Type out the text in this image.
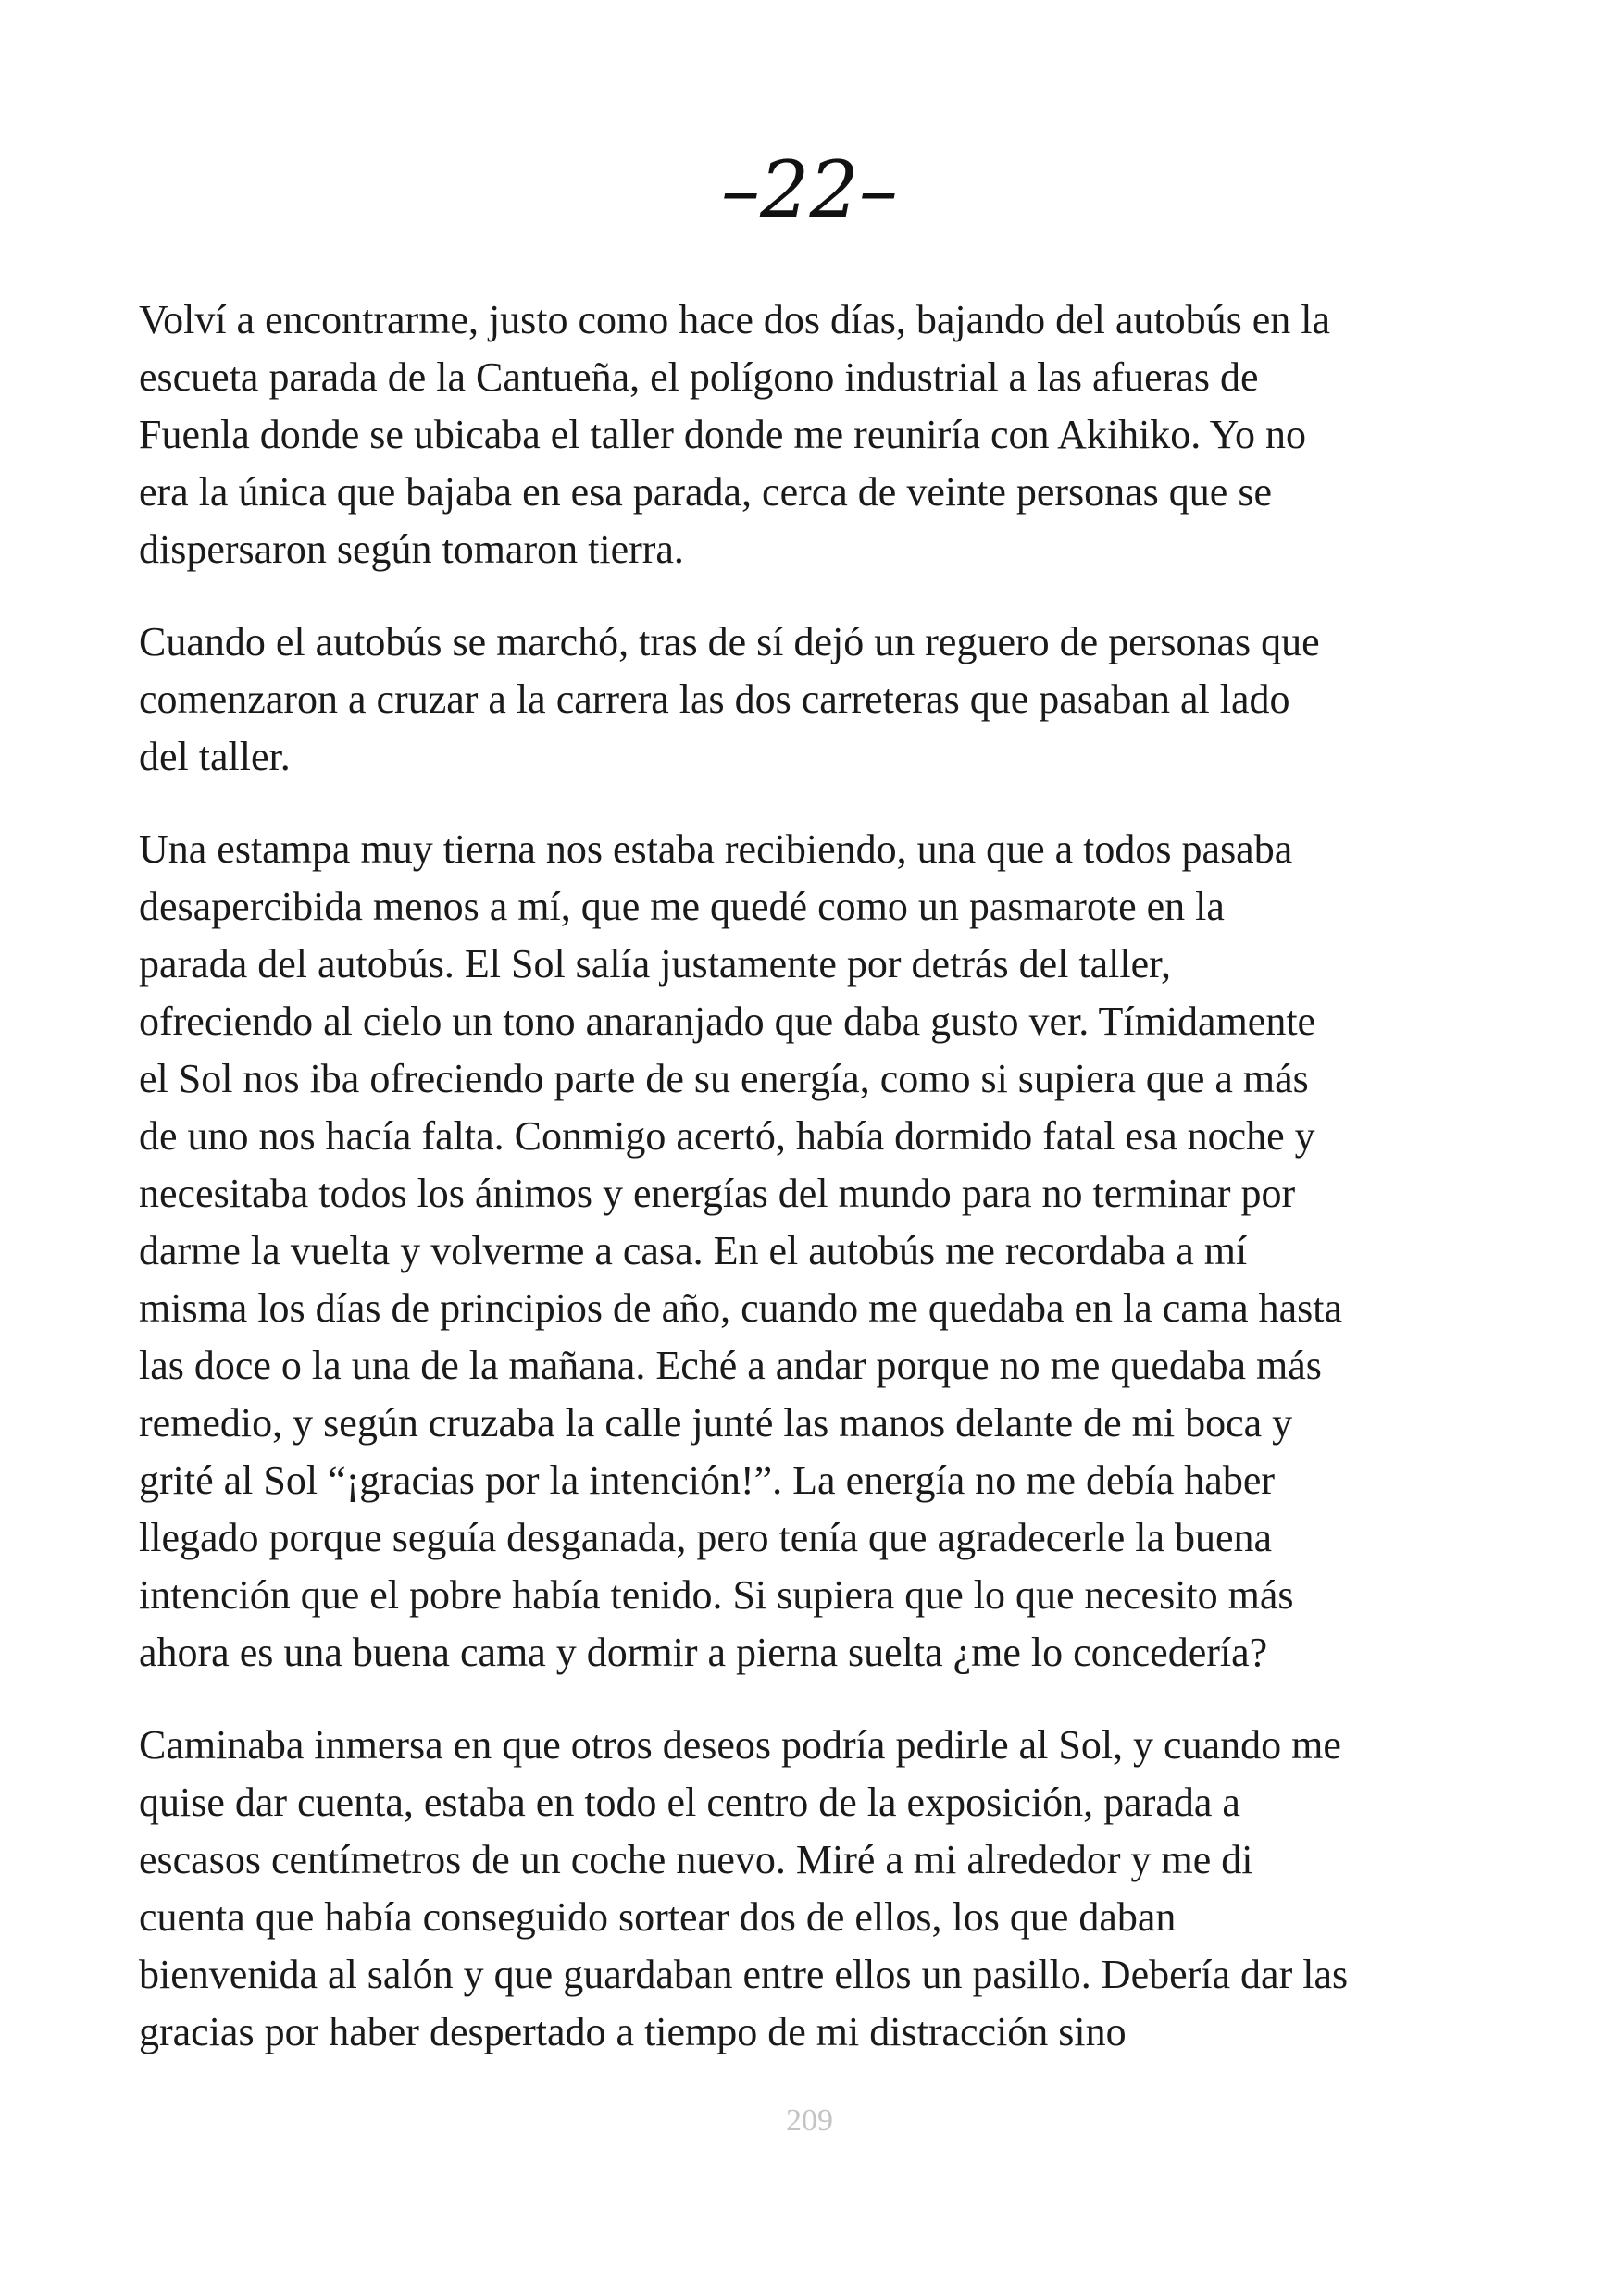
–22–

Volví a encontrarme, justo como hace dos días, bajando del autobús en la
escueta parada de la Cantueña, el polígono industrial a las afueras de
Fuenla donde se ubicaba el taller donde me reuniría con Akihiko. Yo no
era la única que bajaba en esa parada, cerca de veinte personas que se
dispersaron según tomaron tierra.

Cuando el autobús se marchó, tras de sí dejó un reguero de personas que
comenzaron a cruzar a la carrera las dos carreteras que pasaban al lado
del taller.

Una estampa muy tierna nos estaba recibiendo, una que a todos pasaba
desapercibida menos a mí, que me quedé como un pasmarote en la
parada del autobús. El Sol salía justamente por detrás del taller,
ofreciendo al cielo un tono anaranjado que daba gusto ver. Tímidamente
el Sol nos iba ofreciendo parte de su energía, como si supiera que a más
de uno nos hacía falta. Conmigo acertó, había dormido fatal esa noche y
necesitaba todos los ánimos y energías del mundo para no terminar por
darme la vuelta y volverme a casa. En el autobús me recordaba a mí
misma los días de principios de año, cuando me quedaba en la cama hasta
las doce o la una de la mañana. Eché a andar porque no me quedaba más
remedio, y según cruzaba la calle junté las manos delante de mi boca y
grité al Sol “¡gracias por la intención!”. La energía no me debía haber
llegado porque seguía desganada, pero tenía que agradecerle la buena
intención que el pobre había tenido. Si supiera que lo que necesito más
ahora es una buena cama y dormir a pierna suelta ¿me lo concedería?

Caminaba inmersa en que otros deseos podría pedirle al Sol, y cuando me
quise dar cuenta, estaba en todo el centro de la exposición, parada a
escasos centímetros de un coche nuevo. Miré a mi alrededor y me di
cuenta que había conseguido sortear dos de ellos, los que daban
bienvenida al salón y que guardaban entre ellos un pasillo. Debería dar las
gracias por haber despertado a tiempo de mi distracción sino

209
